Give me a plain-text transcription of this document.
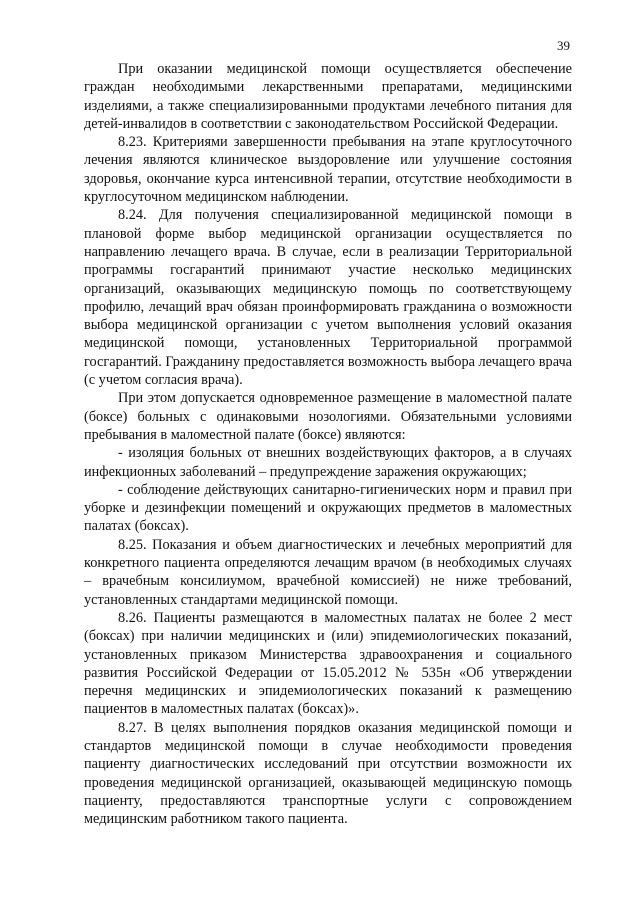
39

При оказании медицинской помощи осуществляется обеспечение граждан необходимыми лекарственными препаратами, медицинскими изделиями, а также специализированными продуктами лечебного питания для детей-инвалидов в соответствии с законодательством Российской Федерации.

8.23. Критериями завершенности пребывания на этапе круглосуточного лечения являются клиническое выздоровление или улучшение состояния здоровья, окончание курса интенсивной терапии, отсутствие необходимости в круглосуточном медицинском наблюдении.

8.24. Для получения специализированной медицинской помощи в плановой форме выбор медицинской организации осуществляется по направлению лечащего врача. В случае, если в реализации Территориальной программы госгарантий принимают участие несколько медицинских организаций, оказывающих медицинскую помощь по соответствующему профилю, лечащий врач обязан проинформировать гражданина о возможности выбора медицинской организации с учетом выполнения условий оказания медицинской помощи, установленных Территориальной программой госгарантий. Гражданину предоставляется возможность выбора лечащего врача (с учетом согласия врача).

При этом допускается одновременное размещение в маломестной палате (боксе) больных с одинаковыми нозологиями. Обязательными условиями пребывания в маломестной палате (боксе) являются:

- изоляция больных от внешних воздействующих факторов, а в случаях инфекционных заболеваний – предупреждение заражения окружающих;

- соблюдение действующих санитарно-гигиенических норм и правил при уборке и дезинфекции помещений и окружающих предметов в маломестных палатах (боксах).

8.25. Показания и объем диагностических и лечебных мероприятий для конкретного пациента определяются лечащим врачом (в необходимых случаях – врачебным консилиумом, врачебной комиссией) не ниже требований, установленных стандартами медицинской помощи.

8.26. Пациенты размещаются в маломестных палатах не более 2 мест (боксах) при наличии медицинских и (или) эпидемиологических показаний, установленных приказом Министерства здравоохранения и социального развития Российской Федерации от 15.05.2012 № 535н «Об утверждении перечня медицинских и эпидемиологических показаний к размещению пациентов в маломестных палатах (боксах)».

8.27. В целях выполнения порядков оказания медицинской помощи и стандартов медицинской помощи в случае необходимости проведения пациенту диагностических исследований при отсутствии возможности их проведения медицинской организацией, оказывающей медицинскую помощь пациенту, предоставляются транспортные услуги с сопровождением медицинским работником такого пациента.
